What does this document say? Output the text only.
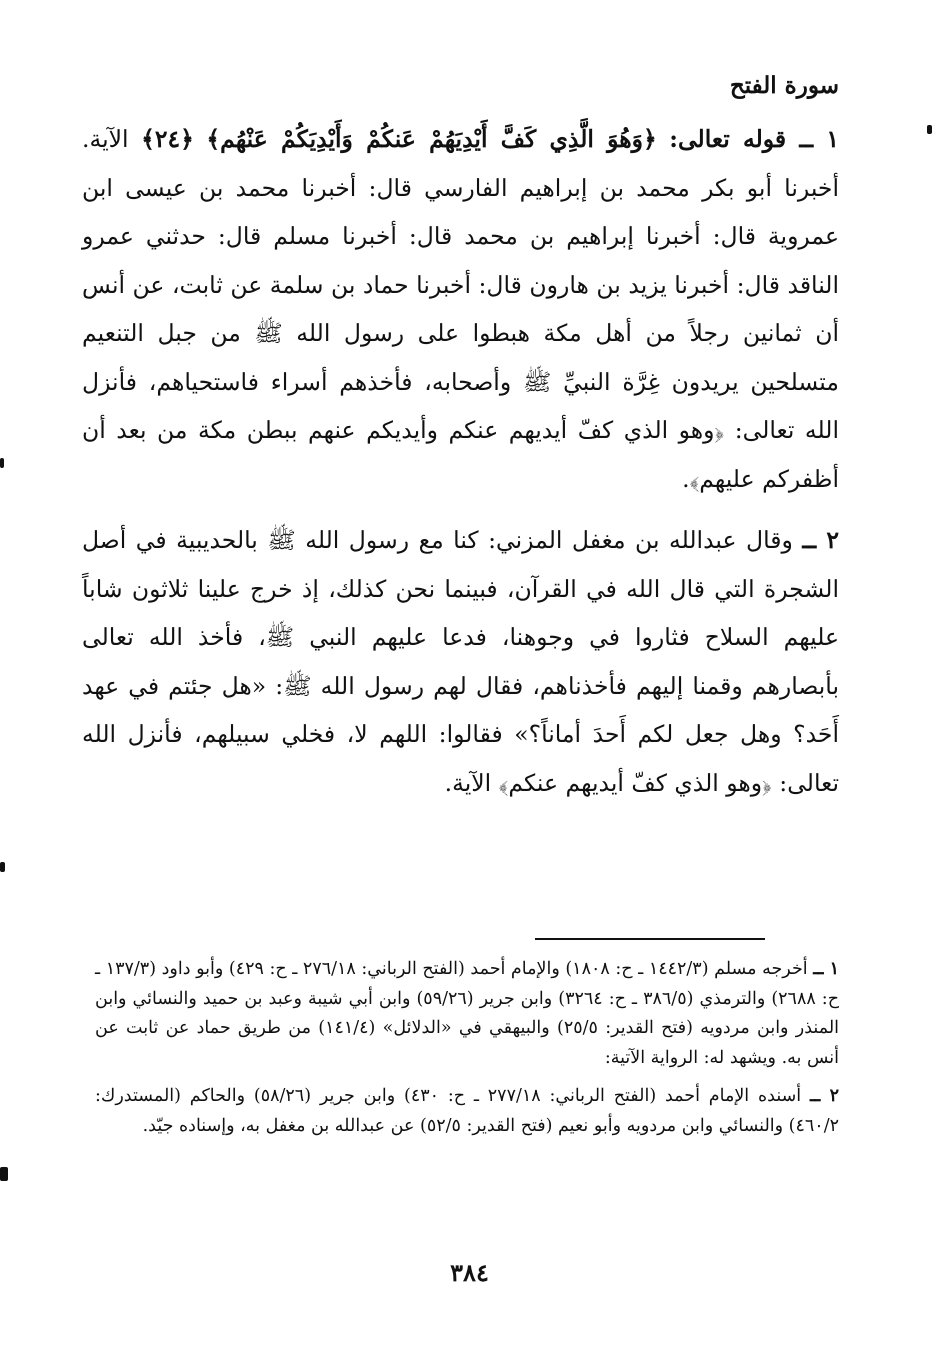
سورة الفتح

١ ــ قوله تعالى: ﴿وَهُوَ الَّذِي كَفَّ أَيْدِيَهُمْ عَنكُمْ وَأَيْدِيَكُمْ عَنْهُم﴾ ﴿٢٤﴾ الآية. أخبرنا أبو بكر محمد بن إبراهيم الفارسي قال: أخبرنا محمد بن عيسى ابن عمروية قال: أخبرنا إبراهيم بن محمد قال: أخبرنا مسلم قال: حدثني عمرو الناقد قال: أخبرنا يزيد بن هارون قال: أخبرنا حماد بن سلمة عن ثابت، عن أنس أن ثمانين رجلاً من أهل مكة هبطوا على رسول الله ﷺ من جبل التنعيم متسلحين يريدون غِرَّة النبيِّ ﷺ وأصحابه، فأخذهم أسراء فاستحياهم، فأنزل الله تعالى: ﴿وهو الذي كفّ أيديهم عنكم وأيديكم عنهم ببطن مكة من بعد أن أظفركم عليهم﴾.

٢ ــ وقال عبدالله بن مغفل المزني: كنا مع رسول الله ﷺ بالحديبية في أصل الشجرة التي قال الله في القرآن، فبينما نحن كذلك، إذ خرج علينا ثلاثون شاباً عليهم السلاح فثاروا في وجوهنا، فدعا عليهم النبي ﷺ، فأخذ الله تعالى بأبصارهم وقمنا إليهم فأخذناهم، فقال لهم رسول الله ﷺ: «هل جئتم في عهد أَحَد؟ وهل جعل لكم أَحدَ أماناً؟» فقالوا: اللهم لا، فخلي سبيلهم، فأنزل الله تعالى: ﴿وهو الذي كفّ أيديهم عنكم﴾ الآية.

١ ــ أخرجه مسلم (١٤٤٢/٣ ـ ح: ١٨٠٨) والإمام أحمد (الفتح الرباني: ٢٧٦/١٨ ـ ح: ٤٢٩) وأبو داود (١٣٧/٣ ـ ح: ٢٦٨٨) والترمذي (٣٨٦/٥ ـ ح: ٣٢٦٤) وابن جرير (٥٩/٢٦) وابن أبي شيبة وعبد بن حميد والنسائي وابن المنذر وابن مردويه (فتح القدير: ٢٥/٥) والبيهقي في «الدلائل» (١٤١/٤) من طريق حماد عن ثابت عن أنس به. ويشهد له: الرواية الآتية:

٢ ــ أسنده الإمام أحمد (الفتح الرباني: ٢٧٧/١٨ ـ ح: ٤٣٠) وابن جرير (٥٨/٢٦) والحاكم (المستدرك: ٤٦٠/٢) والنسائي وابن مردويه وأبو نعيم (فتح القدير: ٥٢/٥) عن عبدالله بن مغفل به، وإسناده جيّد.

٣٨٤
